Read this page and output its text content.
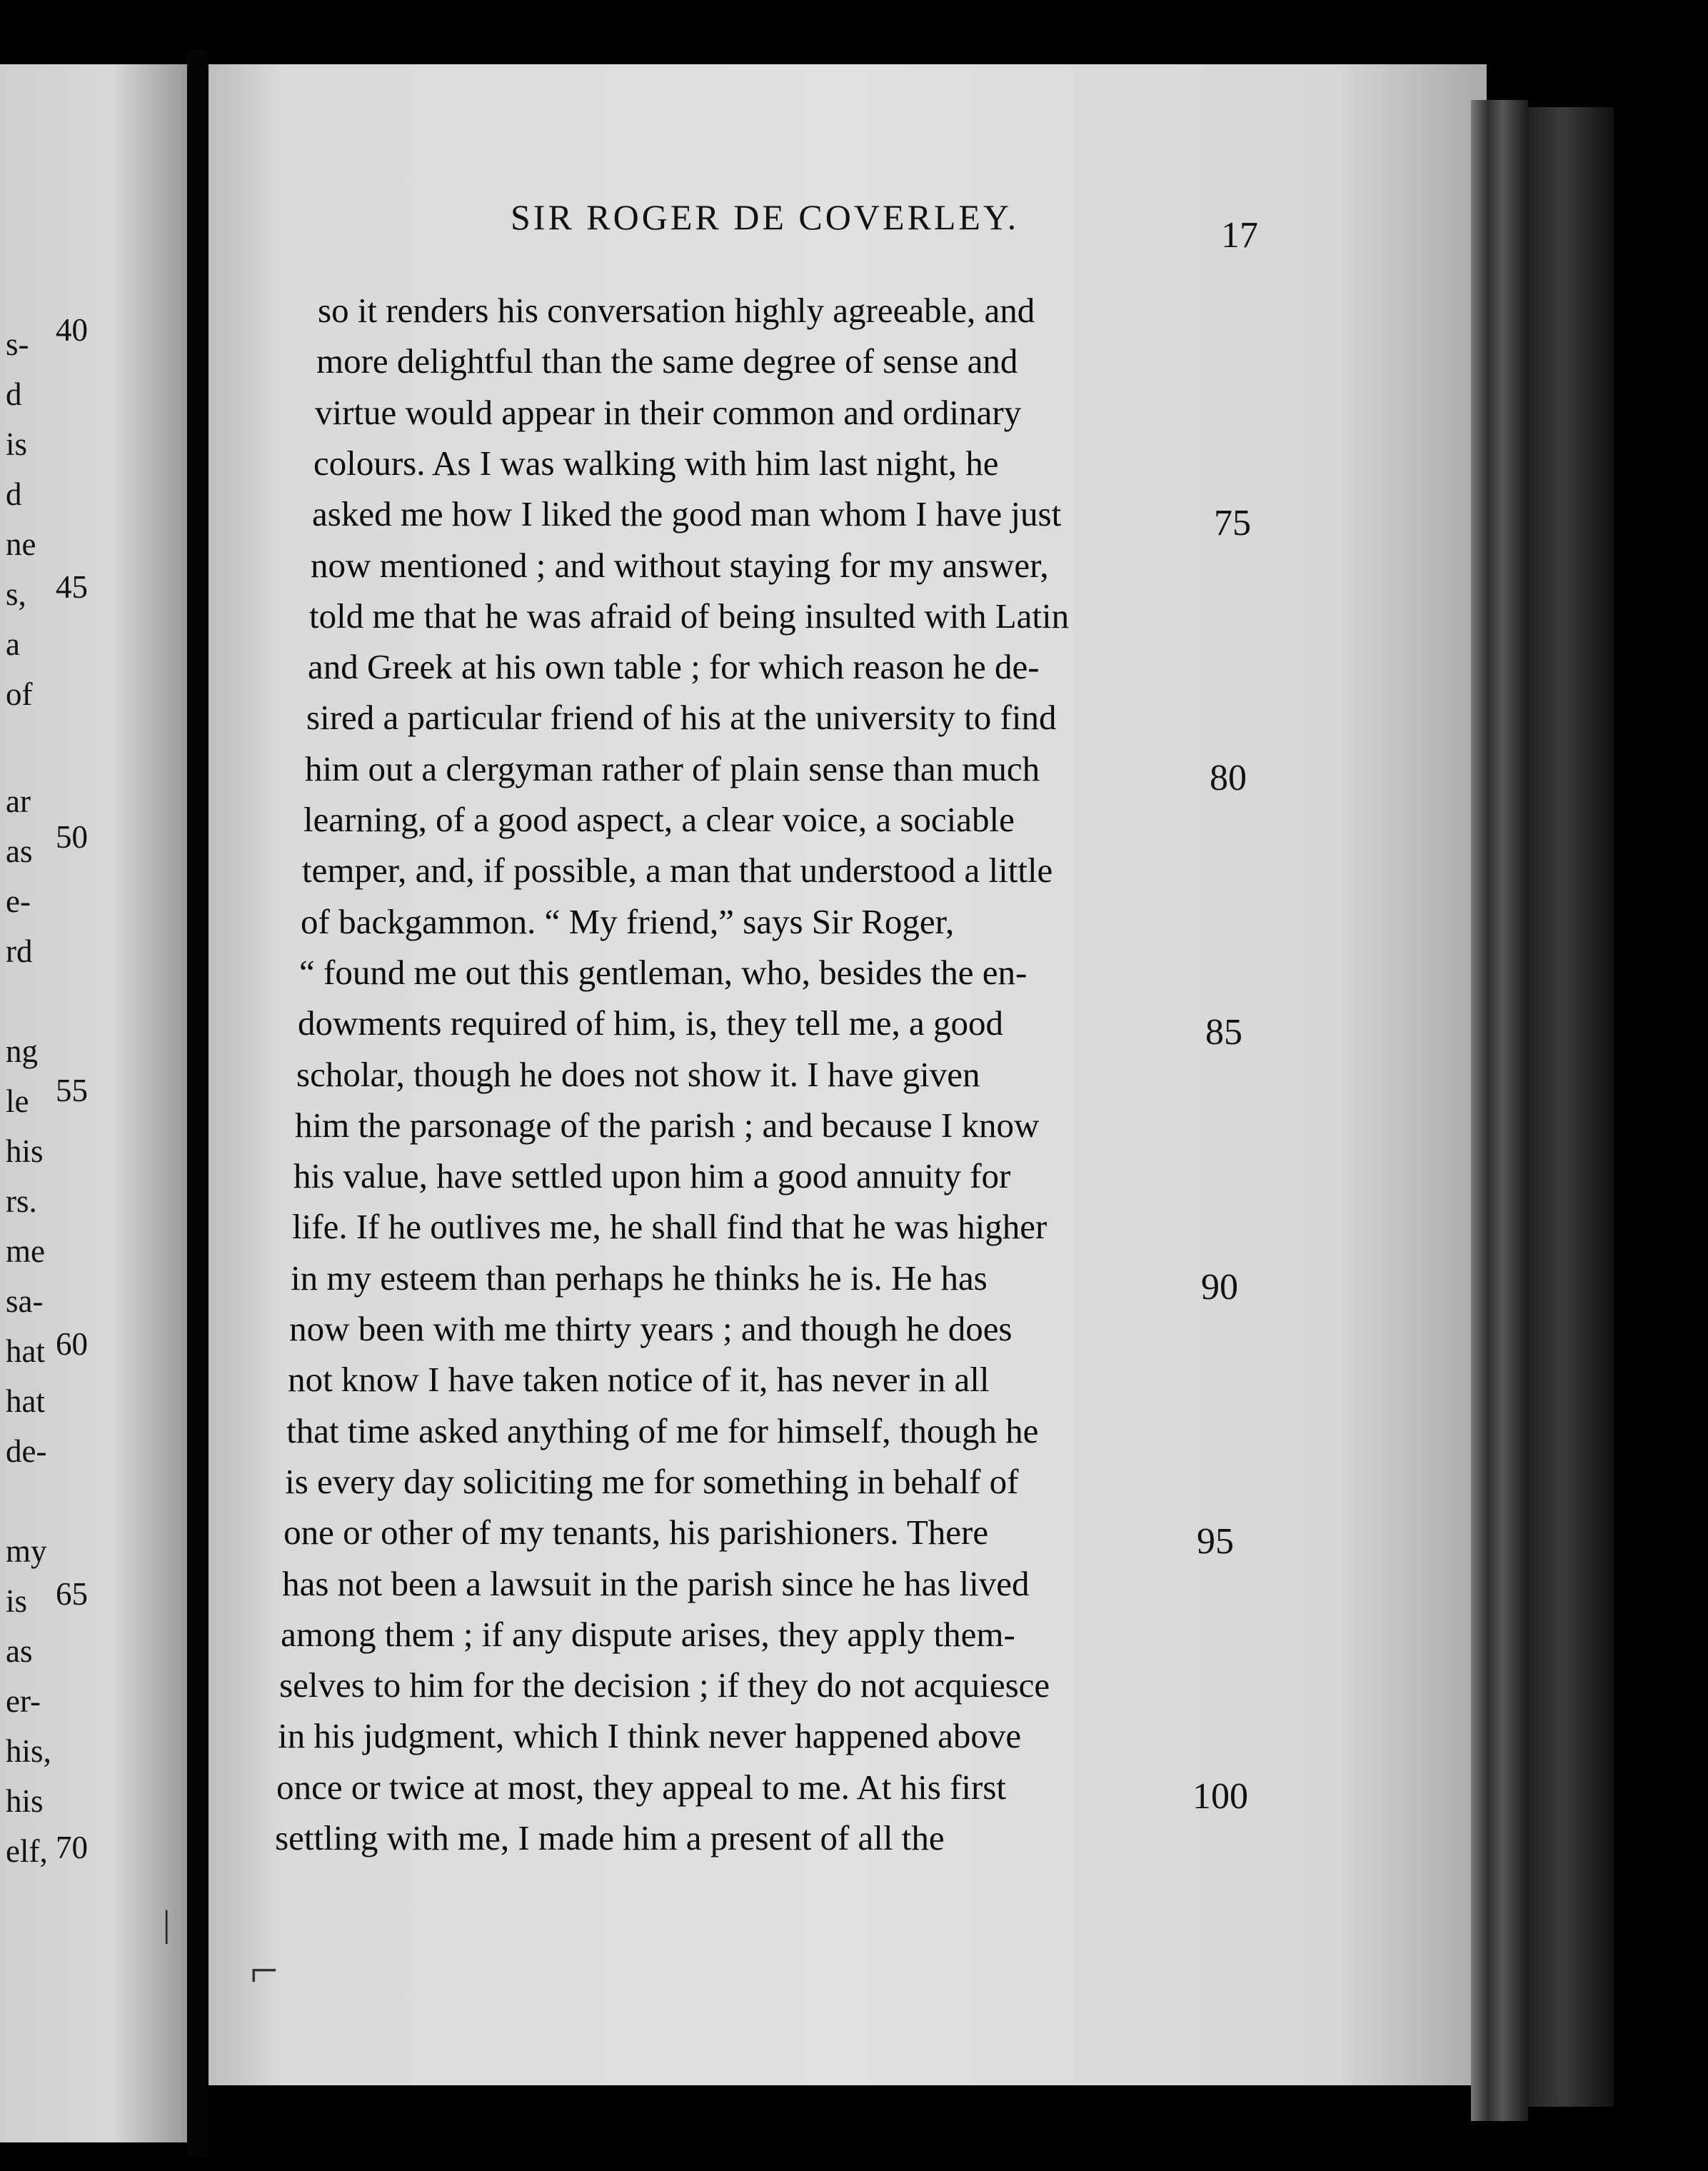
s-
d
is
d
ne
s,
a
of
ar
as
e-
rd
ng
le
his
rs.
me
sa-
hat
hat
de-
my
is
as
er-
his,
his
elf,
40
45
50
55
60
65
70
|
SIR ROGER DE COVERLEY.	17
so it renders his conversation highly agreeable, and
more delightful than the same degree of sense and
virtue would appear in their common and ordinary
colours. As I was walking with him last night, he
asked me how I liked the good man whom I have just
now mentioned ; and without staying for my answer,
told me that he was afraid of being insulted with Latin
and Greek at his own table ; for which reason he de-
sired a particular friend of his at the university to find
him out a clergyman rather of plain sense than much
learning, of a good aspect, a clear voice, a sociable
temper, and, if possible, a man that understood a little
of backgammon. “ My friend,” says Sir Roger,
“ found me out this gentleman, who, besides the en-
dowments required of him, is, they tell me, a good
scholar, though he does not show it. I have given
him the parsonage of the parish ; and because I know
his value, have settled upon him a good annuity for
life. If he outlives me, he shall find that he was higher
in my esteem than perhaps he thinks he is. He has
now been with me thirty years ; and though he does
not know I have taken notice of it, has never in all
that time asked anything of me for himself, though he
is every day soliciting me for something in behalf of
one or other of my tenants, his parishioners. There
has not been a lawsuit in the parish since he has lived
among them ; if any dispute arises, they apply them-
selves to him for the decision ; if they do not acquiesce
in his judgment, which I think never happened above
once or twice at most, they appeal to me. At his first
settling with me, I made him a present of all the
75
80
85
90
95
100
⌐
